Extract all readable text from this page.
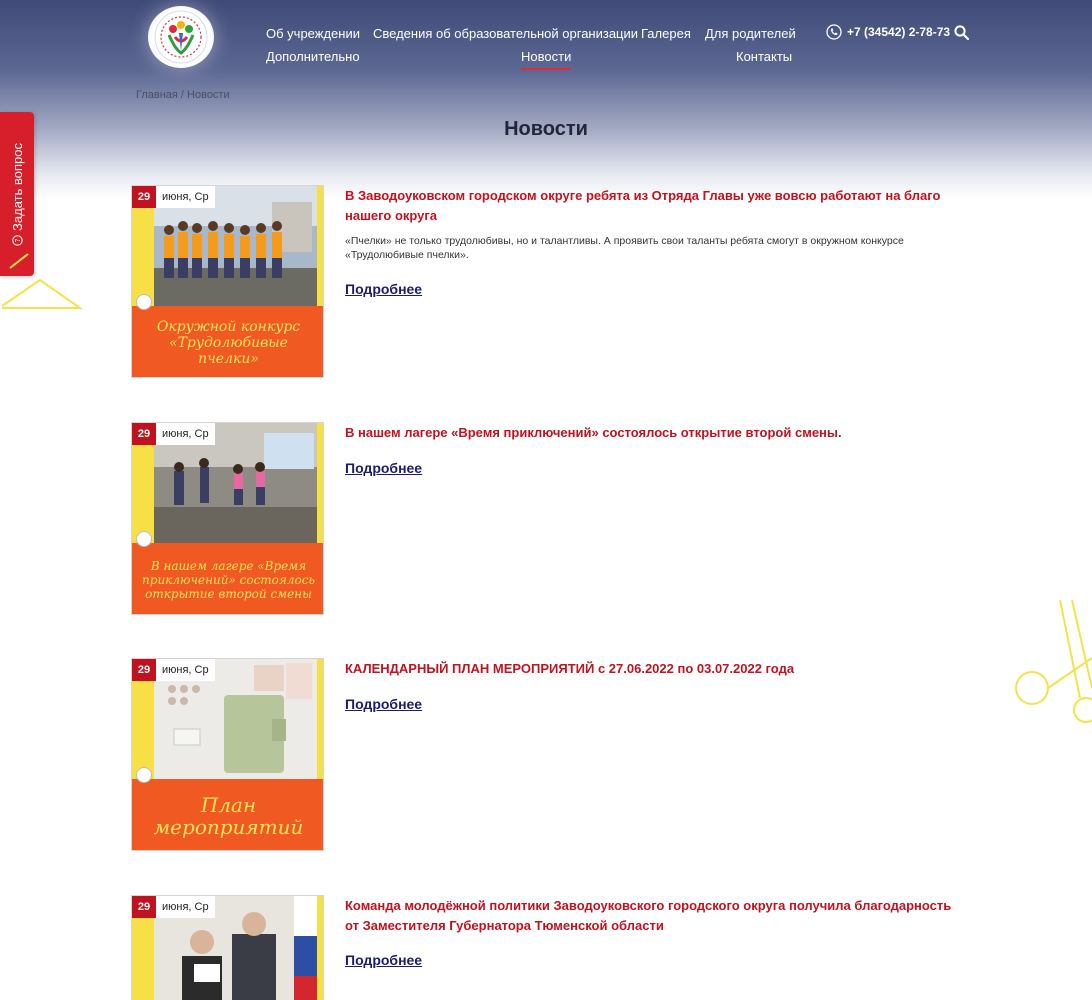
Об учреждении Сведения об образовательной организации Галерея Для родителей
Дополнительно	Новости	Контакты
+7 (34542) 2-78-73
Главная / Новости
Новости
?
Задать вопрос
Окружной конкурс «Трудолюбивые пчелки»
29	июня, Ср	В Заводоуковском городском округе ребята из Отряда Главы уже вовсю работают на благо нашего округа
«Пчелки» не только трудолюбивы, но и талантливы. А проявить свои таланты ребята смогут в окружном конкурсе «Трудолюбивые пчелки».
Подробнее
В нашем лагере «Время приключений» состоялось открытие второй смены
29	июня, Ср	В нашем лагере «Время приключений» состоялось открытие второй смены.
Подробнее
План мероприятий
29	июня, Ср	КАЛЕНДАРНЫЙ ПЛАН МЕРОПРИЯТИЙ с 27.06.2022 по 03.07.2022 года
Подробнее
29	июня, Ср	Команда молодёжной политики Заводоуковского городского округа получила благодарность от Заместителя Губернатора Тюменской области
Подробнее
